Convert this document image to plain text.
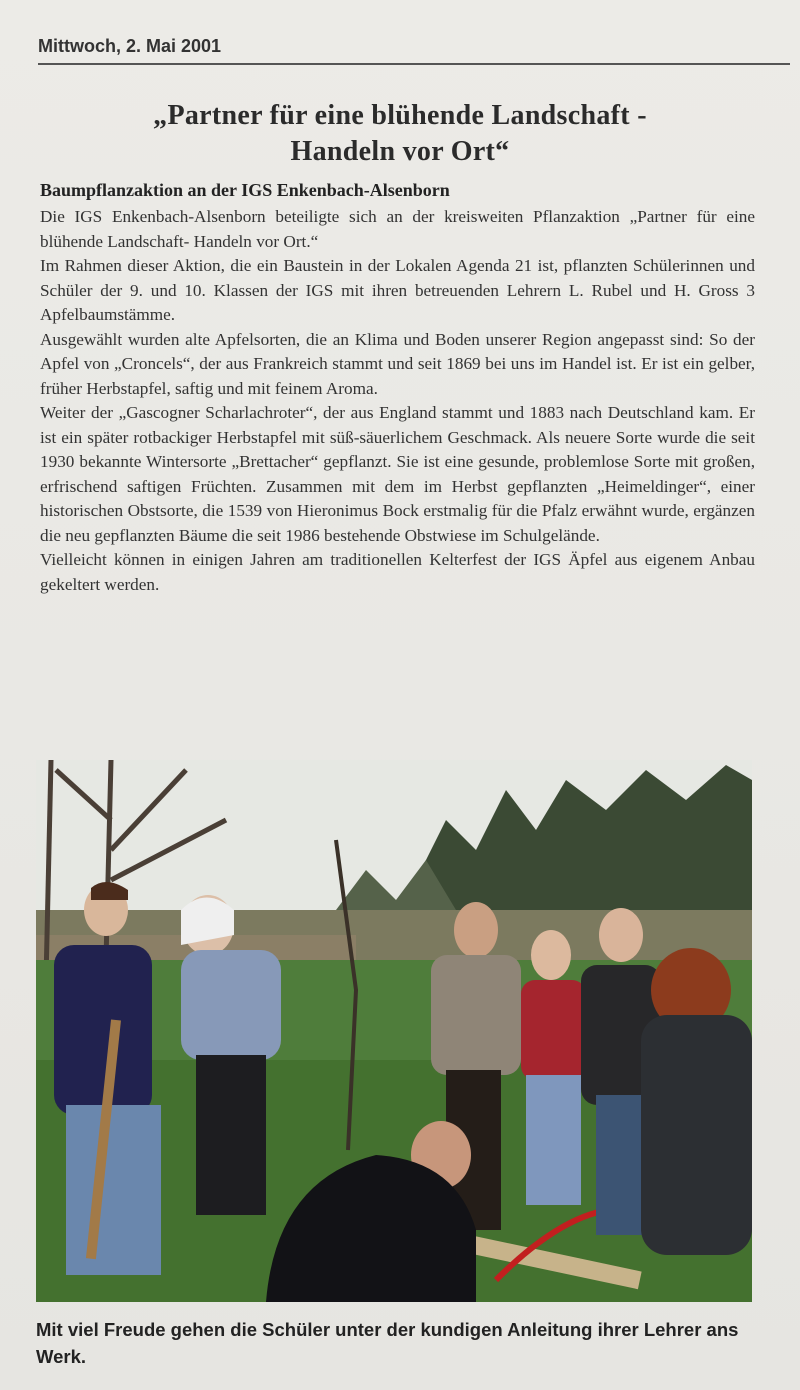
Mittwoch, 2. Mai 2001
„Partner für eine blühende Landschaft -
Handeln vor Ort“
Baumpflanzaktion an der IGS Enkenbach-Alsenborn

Die IGS Enkenbach-Alsenborn beteiligte sich an der kreisweiten Pflanzaktion „Partner für eine blühende Landschaft- Handeln vor Ort.“

Im Rahmen dieser Aktion, die ein Baustein in der Lokalen Agenda 21 ist, pflanzten Schülerinnen und Schüler der 9. und 10. Klassen der IGS mit ihren betreuenden Lehrern L. Rubel und H. Gross 3 Apfelbaumstämme.

Ausgewählt wurden alte Apfelsorten, die an Klima und Boden unserer Region angepasst sind: So der Apfel von „Croncels“, der aus Frankreich stammt und seit 1869 bei uns im Handel ist. Er ist ein gelber, früher Herbstapfel, saftig und mit feinem Aroma.

Weiter der „Gascogner Scharlachroter“, der aus England stammt und 1883 nach Deutschland kam. Er ist ein später rotbackiger Herbstapfel mit süß-säuerlichem Geschmack. Als neuere Sorte wurde die seit 1930 bekannte Wintersorte „Brettacher“ gepflanzt. Sie ist eine gesunde, problemlose Sorte mit großen, erfrischend saftigen Früchten. Zusammen mit dem im Herbst gepflanzten „Heimeldinger“, einer historischen Obstsorte, die 1539 von Hieronimus Bock erstmalig für die Pfalz erwähnt wurde, ergänzen die neu gepflanzten Bäume die seit 1986 bestehende Obstwiese im Schulgelände.

Vielleicht können in einigen Jahren am traditionellen Kelterfest der IGS Äpfel aus eigenem Anbau gekeltert werden.

Mit viel Freude gehen die Schüler unter der kundigen Anleitung ihrer Lehrer ans Werk.
